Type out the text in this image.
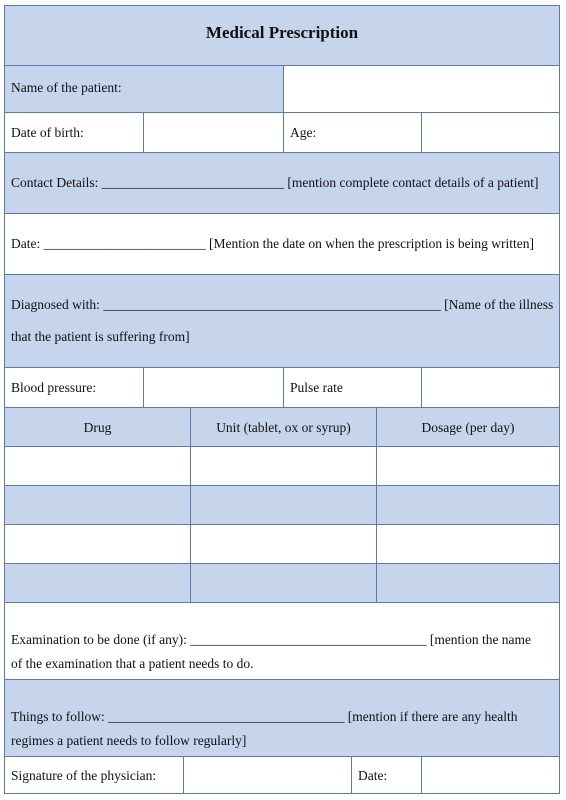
Medical Prescription
Name of the patient:
Date of birth:	Age:
Contact Details: ___________________________ [mention complete contact details of a patient]
Date: ________________________ [Mention the date on when the prescription is being written]
Diagnosed with: __________________________________________________ [Name of the illness
that the patient is suffering from]
Blood pressure:	Pulse rate
Drug	Unit (tablet, ox or syrup)	Dosage (per day)
Examination to be done (if any): ___________________________________ [mention the name
of the examination that a patient needs to do.
Things to follow: ___________________________________ [mention if there are any health
regimes a patient needs to follow regularly]
Signature of the physician:	Date:
